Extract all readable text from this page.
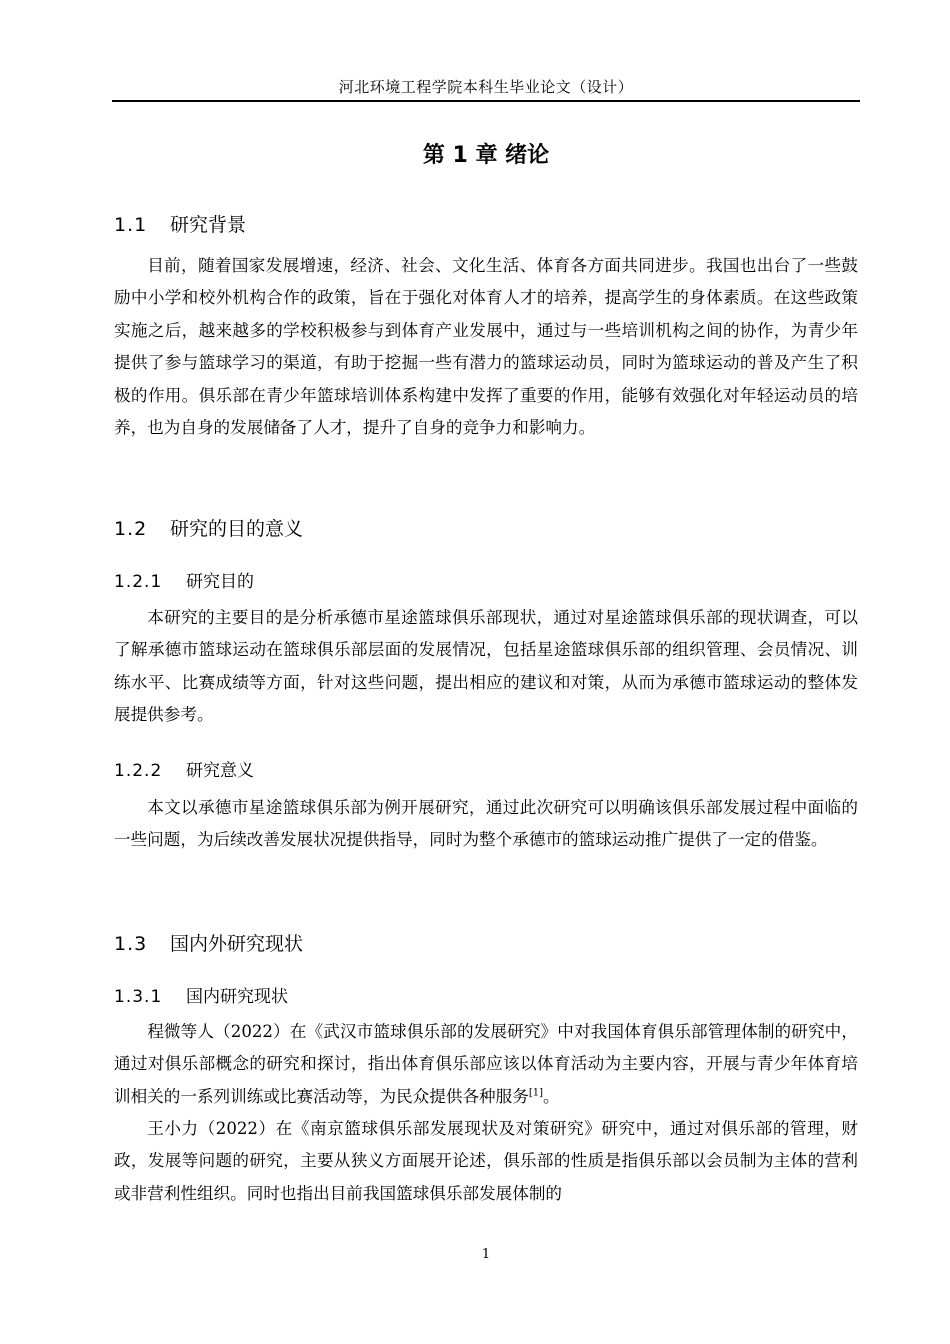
河北环境工程学院本科生毕业论文（设计）
第 1 章 绪论
1.1 研究背景

目前，随着国家发展增速，经济、社会、文化生活、体育各方面共同进步。我国也出台了一些鼓励中小学和校外机构合作的政策，旨在于强化对体育人才的培养，提高学生的身体素质。在这些政策实施之后，越来越多的学校积极参与到体育产业发展中，通过与一些培训机构之间的协作，为青少年提供了参与篮球学习的渠道，有助于挖掘一些有潜力的篮球运动员，同时为篮球运动的普及产生了积极的作用。俱乐部在青少年篮球培训体系构建中发挥了重要的作用，能够有效强化对年轻运动员的培养，也为自身的发展储备了人才，提升了自身的竞争力和影响力。

1.2 研究的目的意义
1.2.1 研究目的

本研究的主要目的是分析承德市星途篮球俱乐部现状，通过对星途篮球俱乐部的现状调查，可以了解承德市篮球运动在篮球俱乐部层面的发展情况，包括星途篮球俱乐部的组织管理、会员情况、训练水平、比赛成绩等方面，针对这些问题，提出相应的建议和对策，从而为承德市篮球运动的整体发展提供参考。

1.2.2 研究意义

本文以承德市星途篮球俱乐部为例开展研究，通过此次研究可以明确该俱乐部发展过程中面临的一些问题，为后续改善发展状况提供指导，同时为整个承德市的篮球运动推广提供了一定的借鉴。

1.3 国内外研究现状
1.3.1 国内研究现状

程微等人（2022）在《武汉市篮球俱乐部的发展研究》中对我国体育俱乐部管理体制的研究中，通过对俱乐部概念的研究和探讨，指出体育俱乐部应该以体育活动为主要内容，开展与青少年体育培训相关的一系列训练或比赛活动等，为民众提供各种服务[1]。

王小力（2022）在《南京篮球俱乐部发展现状及对策研究》研究中，通过对俱乐部的管理，财政，发展等问题的研究，主要从狭义方面展开论述，俱乐部的性质是指俱乐部以会员制为主体的营利或非营利性组织。同时也指出目前我国篮球俱乐部发展体制的

1
